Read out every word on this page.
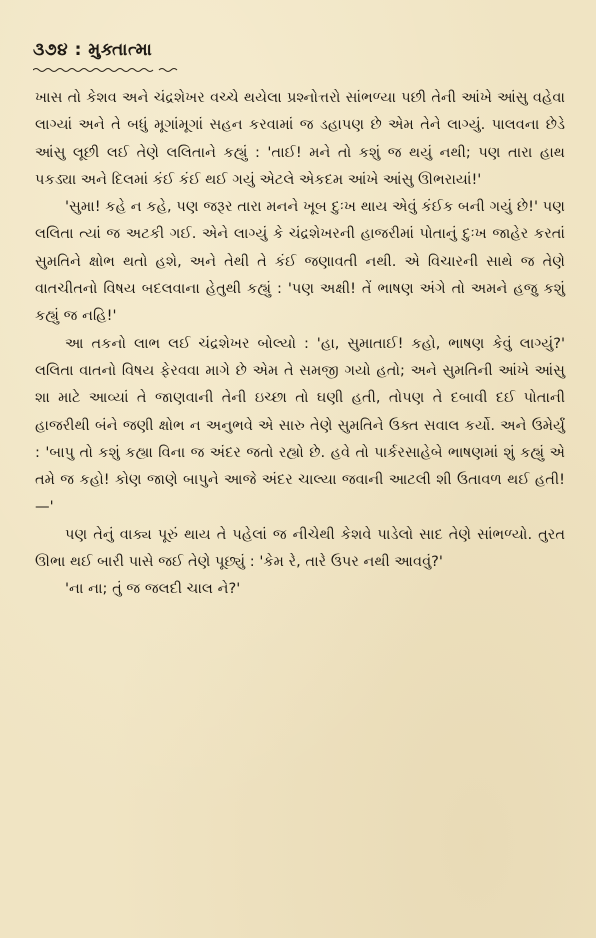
૩૭૪ : મુક્તાત્મા

ખાસ તો કેશવ અને ચંદ્રશેખર વચ્ચે થયેલા પ્રશ્નોત્તરો સાંભળ્યા પછી તેની આંખે આંસુ વહેવા લાગ્યાં અને તે બધું મૂગાંમૂગાં સહન કરવામાં જ ડહાપણ છે એમ તેને લાગ્યું. પાલવના છેડે આંસુ લૂછી લઈ તેણે લલિતાને કહ્યું : 'તાઈ! મને તો કશું જ થયું નથી; પણ તારા હાથ પકડ્યા અને દિલમાં કંઈ કંઈ થઈ ગયું એટલે એકદમ આંખે આંસુ ઊભરાયાં!'

'સુમા! કહે ન કહે, પણ જરૂર તારા મનને ખૂબ દુઃખ થાય એવું કંઈક બની ગયું છે!' પણ લલિતા ત્યાં જ અટકી ગઈ. એને લાગ્યું કે ચંદ્રશેખરની હાજરીમાં પોતાનું દુઃખ જાહેર કરતાં સુમતિને ક્ષોભ થતો હશે, અને તેથી તે કંઈ જણાવતી નથી. એ વિચારની સાથે જ તેણે વાતચીતનો વિષય બદલવાના હેતુથી કહ્યું : 'પણ અક્ષી! તેં ભાષણ અંગે તો અમને હજુ કશું કહ્યું જ નહિ!'

આ તકનો લાભ લઈ ચંદ્રશેખર બોલ્યો : 'હા, સુમાતાઈ! કહો, ભાષણ કેવું લાગ્યું?' લલિતા વાતનો વિષય ફેરવવા માગે છે એમ તે સમજી ગયો હતો; અને સુમતિની આંખે આંસુ શા માટે આવ્યાં તે જાણવાની તેની ઇચ્છા તો ઘણી હતી, તોપણ તે દબાવી દઈ પોતાની હાજરીથી બંને જણી ક્ષોભ ન અનુભવે એ સારુ તેણે સુમતિને ઉક્ત સવાલ કર્યો. અને ઉમેર્યું : 'બાપુ તો કશું કહ્યા વિના જ અંદર જતો રહ્યો છે. હવે તો પાર્કરસાહેબે ભાષણમાં શું કહ્યું એ તમે જ કહો! કોણ જાણે બાપુને આજે અંદર ચાલ્યા જવાની આટલી શી ઉતાવળ થઈ હતી!—'

પણ તેનું વાક્ય પૂરું થાય તે પહેલાં જ નીચેથી કેશવે પાડેલો સાદ તેણે સાંભળ્યો. તુરત ઊભા થઈ બારી પાસે જઈ તેણે પૂછ્યું : 'કેમ રે, તારે ઉપર નથી આવવું?'

'ના ના; તું જ જલદી ચાલ ને?'
